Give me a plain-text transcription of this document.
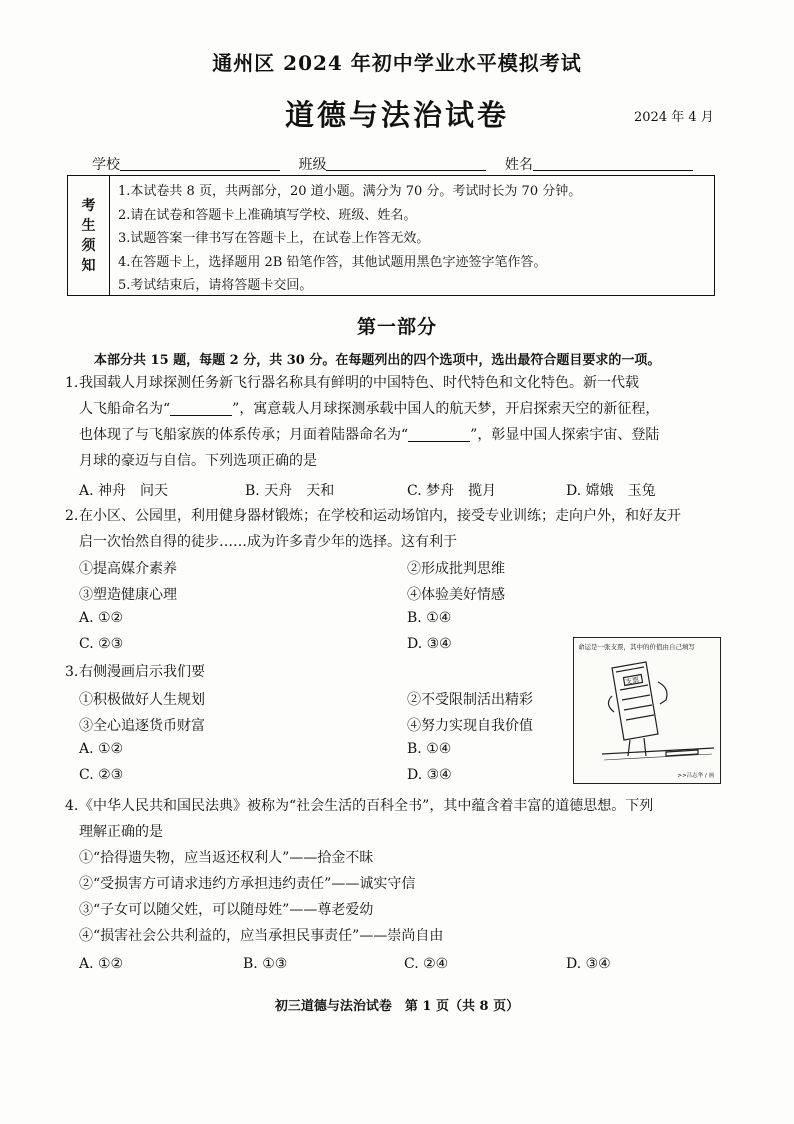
通州区 2024 年初中学业水平模拟考试
道德与法治试卷	2024 年 4 月
学校	班级	姓名
考
生
须
知
1.本试卷共 8 页，共两部分，20 道小题。满分为 70 分。考试时长为 70 分钟。
2.请在试卷和答题卡上准确填写学校、班级、姓名。
3.试题答案一律书写在答题卡上，在试卷上作答无效。
4.在答题卡上，选择题用 2B 铅笔作答，其他试题用黑色字迹签字笔作答。
5.考试结束后，请将答题卡交回。
第一部分
本部分共 15 题，每题 2 分，共 30 分。在每题列出的四个选项中，选出最符合题目要求的一项。
1. 我国载人月球探测任务新飞行器名称具有鲜明的中国特色、时代特色和文化特色。新一代载
人飞船命名为“	”，寓意载人月球探测承载中国人的航天梦，开启探索天空的新征程，
也体现了与飞船家族的体系传承；月面着陆器命名为“	”，彰显中国人探索宇宙、登陆
月球的豪迈与自信。下列选项正确的是
A. 神舟　问天	B. 天舟　天和	C. 梦舟　揽月	D. 嫦娥　玉兔
2. 在小区、公园里，利用健身器材锻炼；在学校和运动场馆内，接受专业训练；走向户外，和好友开
启一次怡然自得的徒步……成为许多青少年的选择。这有利于
①提高媒介素养	②形成批判思维
③塑造健康心理	④体验美好情感
A. ①②	B. ①④
C. ②③	D. ③④
3. 右侧漫画启示我们要
①积极做好人生规划	②不受限制活出精彩
③全心追逐货币财富	④努力实现自我价值
A. ①②	B. ①④
C. ②③	D. ③④
命运是一张支票，其中的价值由自己填写
支票
>>吕志华 / 画
4. 《中华人民共和国民法典》被称为“社会生活的百科全书”，其中蕴含着丰富的道德思想。下列
理解正确的是
①“拾得遗失物，应当返还权利人”——拾金不昧
②“受损害方可请求违约方承担违约责任”——诚实守信
③“子女可以随父姓，可以随母姓”——尊老爱幼
④“损害社会公共利益的，应当承担民事责任”——崇尚自由
A. ①②	B. ①③	C. ②④	D. ③④
初三道德与法治试卷　第 1 页（共 8 页）
